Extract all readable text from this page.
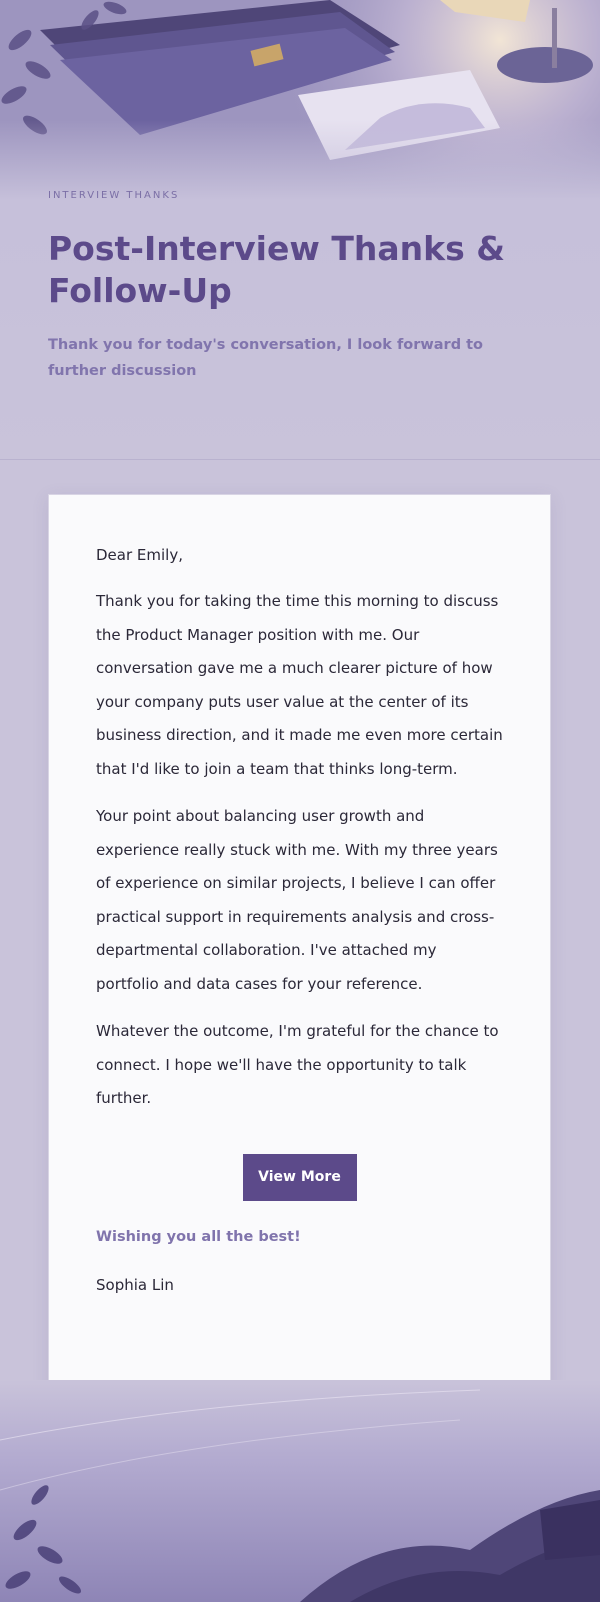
INTERVIEW THANKS
Post-Interview Thanks & Follow-Up

Thank you for today's conversation, I look forward to further discussion

Dear Emily,

Thank you for taking the time this morning to discuss the Product Manager position with me. Our conversation gave me a much clearer picture of how your company puts user value at the center of its business direction, and it made me even more certain that I'd like to join a team that thinks long-term.

Your point about balancing user growth and experience really stuck with me. With my three years of experience on similar projects, I believe I can offer practical support in requirements analysis and cross-departmental collaboration. I've attached my portfolio and data cases for your reference.

Whatever the outcome, I'm grateful for the chance to connect. I hope we'll have the opportunity to talk further.

View More

Wishing you all the best!

Sophia Lin
